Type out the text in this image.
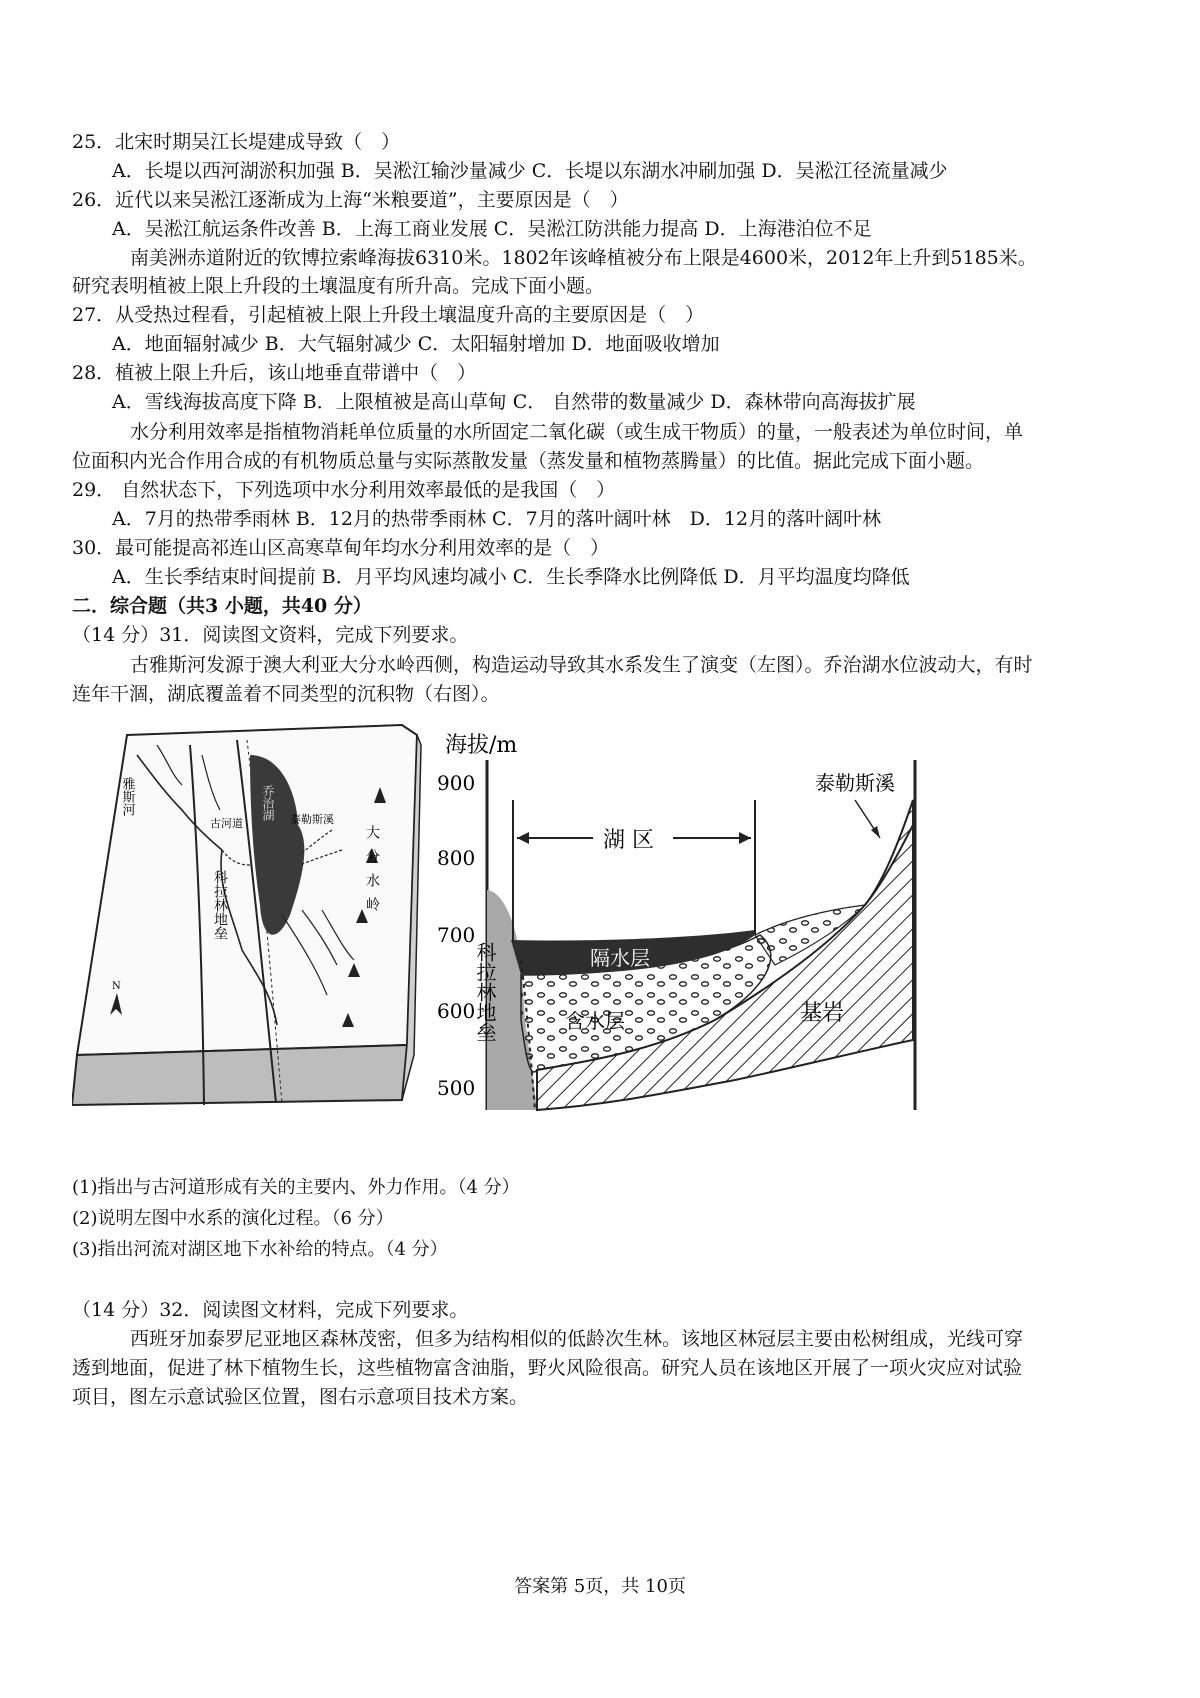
25．北宋时期吴江长堤建成导致（　）
A．长堤以西河湖淤积加强 B．吴淞江输沙量减少 C．长堤以东湖水冲刷加强 D．吴淞江径流量减少
26．近代以来吴淞江逐渐成为上海“米粮要道”，主要原因是（　）
A．吴淞江航运条件改善 B．上海工商业发展 C．吴淞江防洪能力提高 D．上海港泊位不足
南美洲赤道附近的钦博拉索峰海拔6310米。1802年该峰植被分布上限是4600米，2012年上升到5185米。
研究表明植被上限上升段的土壤温度有所升高。完成下面小题。
27．从受热过程看，引起植被上限上升段土壤温度升高的主要原因是（　）
A．地面辐射减少 B．大气辐射减少 C．太阳辐射增加 D．地面吸收增加
28．植被上限上升后，该山地垂直带谱中（　）
A．雪线海拔高度下降 B．上限植被是高山草甸 C． 自然带的数量减少 D．森林带向高海拔扩展
水分利用效率是指植物消耗单位质量的水所固定二氧化碳（或生成干物质）的量，一般表述为单位时间，单
位面积内光合作用合成的有机物质总量与实际蒸散发量（蒸发量和植物蒸腾量）的比值。据此完成下面小题。
29． 自然状态下，下列选项中水分利用效率最低的是我国（　）
A．7月的热带季雨林 B．12月的热带季雨林 C．7月的落叶阔叶林　D．12月的落叶阔叶林
30．最可能提高祁连山区高寒草甸年均水分利用效率的是（　）
A．生长季结束时间提前 B．月平均风速均减小 C．生长季降水比例降低 D．月平均温度均降低
二．综合题（共3 小题，共40 分）
（14 分）31．阅读图文资料，完成下列要求。
古雅斯河发源于澳大利亚大分水岭西侧，构造运动导致其水系发生了演变（左图）。乔治湖水位波动大，有时
连年干涸，湖底覆盖着不同类型的沉积物（右图）。
N
雅斯河
古河道
乔治湖 泰勒斯溪
科拉林地垒	大分水岭
海拔/m
900
800
700
600
500
湖 区
泰勒斯溪
隔水层
含水层	基岩
科拉林地垒
(1)指出与古河道形成有关的主要内、外力作用。（4 分）
(2)说明左图中水系的演化过程。（6 分）
(3)指出河流对湖区地下水补给的特点。（4 分）
（14 分）32．阅读图文材料，完成下列要求。
西班牙加泰罗尼亚地区森林茂密，但多为结构相似的低龄次生林。该地区林冠层主要由松树组成，光线可穿
透到地面，促进了林下植物生长，这些植物富含油脂，野火风险很高。研究人员在该地区开展了一项火灾应对试验
项目，图左示意试验区位置，图右示意项目技术方案。
答案第 5页，共 10页
